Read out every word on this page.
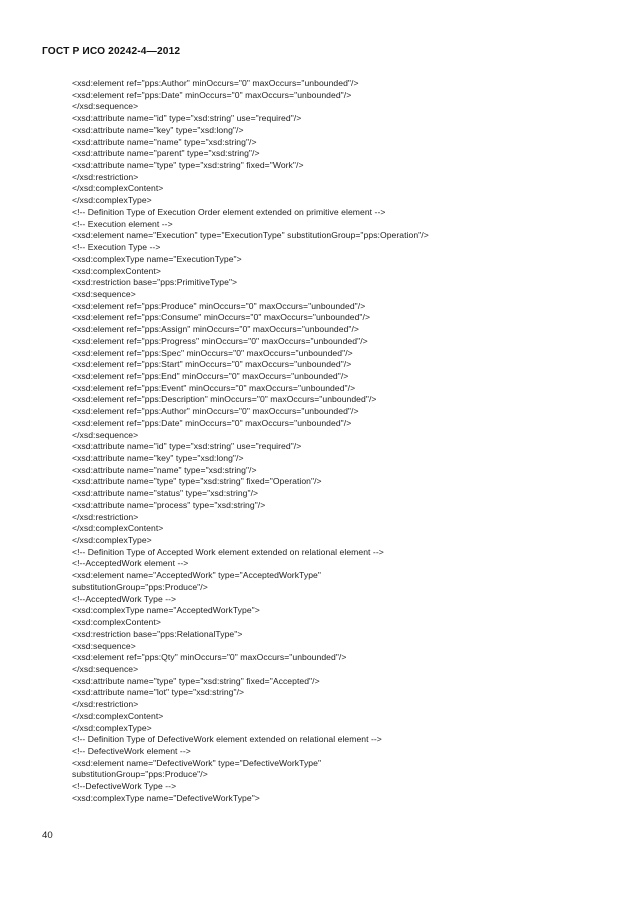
ГОСТ Р ИСО 20242-4—2012
<xsd:element ref="pps:Author" minOccurs="0" maxOccurs="unbounded"/>
<xsd:element ref="pps:Date" minOccurs="0" maxOccurs="unbounded"/>
</xsd:sequence>
<xsd:attribute name="id" type="xsd:string" use="required"/>
<xsd:attribute name="key" type="xsd:long"/>
<xsd:attribute name="name" type="xsd:string"/>
<xsd:attribute name="parent" type="xsd:string"/>
<xsd:attribute name="type" type="xsd:string" fixed="Work"/>
</xsd:restriction>
</xsd:complexContent>
</xsd:complexType>
<!-- Definition Type of Execution Order element extended on primitive element -->
<!-- Execution element -->
<xsd:element name="Execution" type="ExecutionType" substitutionGroup="pps:Operation"/>
<!-- Execution Type -->
<xsd:complexType name="ExecutionType">
<xsd:complexContent>
<xsd:restriction base="pps:PrimitiveType">
<xsd:sequence>
<xsd:element ref="pps:Produce" minOccurs="0" maxOccurs="unbounded"/>
<xsd:element ref="pps:Consume" minOccurs="0" maxOccurs="unbounded"/>
<xsd:element ref="pps:Assign" minOccurs="0" maxOccurs="unbounded"/>
<xsd:element ref="pps:Progress" minOccurs="0" maxOccurs="unbounded"/>
<xsd:element ref="pps:Spec" minOccurs="0" maxOccurs="unbounded"/>
<xsd:element ref="pps:Start" minOccurs="0" maxOccurs="unbounded"/>
<xsd:element ref="pps:End" minOccurs="0" maxOccurs="unbounded"/>
<xsd:element ref="pps:Event" minOccurs="0" maxOccurs="unbounded"/>
<xsd:element ref="pps:Description" minOccurs="0" maxOccurs="unbounded"/>
<xsd:element ref="pps:Author" minOccurs="0" maxOccurs="unbounded"/>
<xsd:element ref="pps:Date" minOccurs="0" maxOccurs="unbounded"/>
</xsd:sequence>
<xsd:attribute name="id" type="xsd:string" use="required"/>
<xsd:attribute name="key" type="xsd:long"/>
<xsd:attribute name="name" type="xsd:string"/>
<xsd:attribute name="type" type="xsd:string" fixed="Operation"/>
<xsd:attribute name="status" type="xsd:string"/>
<xsd:attribute name="process" type="xsd:string"/>
</xsd:restriction>
</xsd:complexContent>
</xsd:complexType>
<!-- Definition Type of Accepted Work element extended on relational element -->
<!--AcceptedWork element -->
<xsd:element name="AcceptedWork" type="AcceptedWorkType"
substitutionGroup="pps:Produce"/>
<!--AcceptedWork Type -->
<xsd:complexType name="AcceptedWorkType">
<xsd:complexContent>
<xsd:restriction base="pps:RelationalType">
<xsd:sequence>
<xsd:element ref="pps:Qty" minOccurs="0" maxOccurs="unbounded"/>
</xsd:sequence>
<xsd:attribute name="type" type="xsd:string" fixed="Accepted"/>
<xsd:attribute name="lot" type="xsd:string"/>
</xsd:restriction>
</xsd:complexContent>
</xsd:complexType>
<!-- Definition Type of DefectiveWork element extended on relational element -->
<!-- DefectiveWork element -->
<xsd:element name="DefectiveWork" type="DefectiveWorkType"
substitutionGroup="pps:Produce"/>
<!--DefectiveWork Type -->
<xsd:complexType name="DefectiveWorkType">
40
